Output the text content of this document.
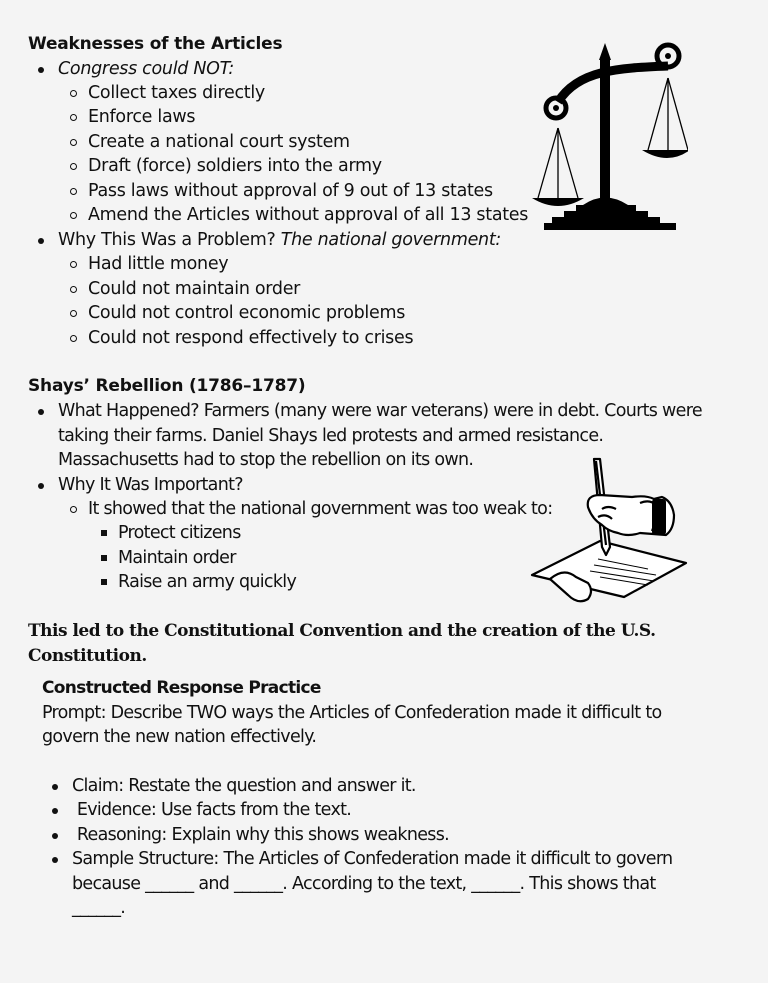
Weaknesses of the Articles
Congress could NOT:
Collect taxes directly
Enforce laws
Create a national court system
Draft (force) soldiers into the army
Pass laws without approval of 9 out of 13 states
Amend the Articles without approval of all 13 states
Why This Was a Problem? The national government:
Had little money
Could not maintain order
Could not control economic problems
Could not respond effectively to crises
Shays’ Rebellion (1786–1787)
What Happened? Farmers (many were war veterans) were in debt. Courts were
taking their farms. Daniel Shays led protests and armed resistance.
Massachusetts had to stop the rebellion on its own.
Why It Was Important?
It showed that the national government was too weak to:
Protect citizens
Maintain order
Raise an army quickly
This led to the Constitutional Convention and the creation of the U.S.
Constitution.
Constructed Response Practice
Prompt: Describe TWO ways the Articles of Confederation made it difficult to
govern the new nation effectively.
Claim: Restate the question and answer it.
Evidence: Use facts from the text.
Reasoning: Explain why this shows weakness.
Sample Structure: The Articles of Confederation made it difficult to govern
because ______ and ______. According to the text, ______. This shows that
______.
